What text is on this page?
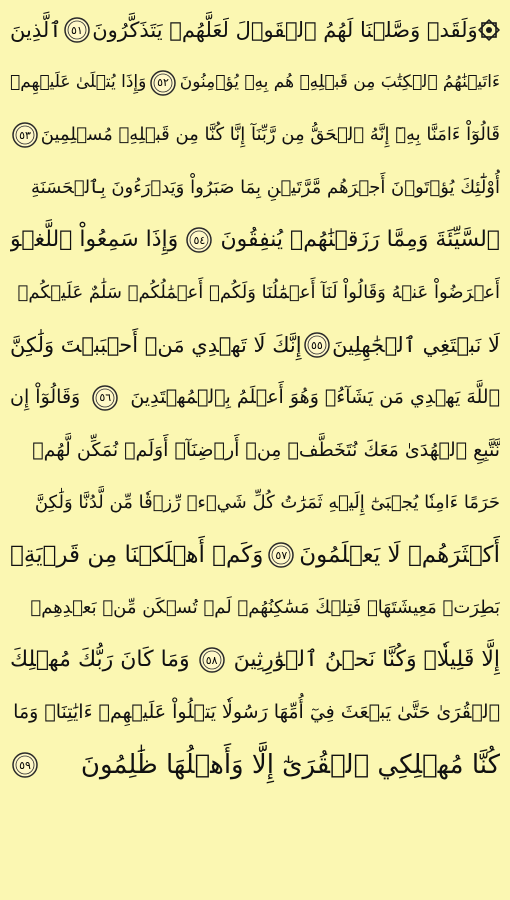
وَلَقَدۡ وَصَّلۡنَا لَهُمُ ٱلۡقَوۡلَ لَعَلَّهُمۡ يَتَذَكَّرُونَ
٥١
ٱلَّذِينَ
ءَاتَيۡنَٰهُمُ ٱلۡكِتَٰبَ مِن قَبۡلِهِۦ هُم بِهِۦ يُؤۡمِنُونَ
٥٢
وَإِذَا يُتۡلَىٰ عَلَيۡهِمۡ
قَالُوٓاْ ءَامَنَّا بِهِۦٓ إِنَّهُ ٱلۡحَقُّ مِن رَّبِّنَآ إِنَّا كُنَّا مِن قَبۡلِهِۦ مُسۡلِمِينَ
٥٣
أُوْلَٰٓئِكَ يُؤۡتَوۡنَ أَجۡرَهُم مَّرَّتَيۡنِ بِمَا صَبَرُواْ وَيَدۡرَءُونَ بِٱلۡحَسَنَةِ
ٱلسَّيِّئَةَ وَمِمَّا رَزَقۡنَٰهُمۡ يُنفِقُونَ
٥٤
وَإِذَا سَمِعُواْ ٱللَّغۡوَ
أَعۡرَضُواْ عَنۡهُ وَقَالُواْ لَنَآ أَعۡمَٰلُنَا وَلَكُمۡ أَعۡمَٰلُكُمۡ سَلَٰمٌ عَلَيۡكُمۡ
لَا نَبۡتَغِي ٱلۡجَٰهِلِينَ
٥٥
إِنَّكَ لَا تَهۡدِي مَنۡ أَحۡبَبۡتَ وَلَٰكِنَّ
ٱللَّهَ يَهۡدِي مَن يَشَآءُۚ وَهُوَ أَعۡلَمُ بِٱلۡمُهۡتَدِينَ
٥٦
وَقَالُوٓاْ إِن
نَّتَّبِعِ ٱلۡهُدَىٰ مَعَكَ نُتَخَطَّفۡ مِنۡ أَرۡضِنَآۚ أَوَلَمۡ نُمَكِّن لَّهُمۡ
حَرَمًا ءَامِنٗا يُجۡبَىٰٓ إِلَيۡهِ ثَمَرَٰتُ كُلِّ شَيۡءٖ رِّزۡقٗا مِّن لَّدُنَّا وَلَٰكِنَّ
أَكۡثَرَهُمۡ لَا يَعۡلَمُونَ
٥٧
وَكَمۡ أَهۡلَكۡنَا مِن قَرۡيَةِۭ
بَطِرَتۡ مَعِيشَتَهَاۖ فَتِلۡكَ مَسَٰكِنُهُمۡ لَمۡ تُسۡكَن مِّنۢ بَعۡدِهِمۡ
إِلَّا قَلِيلٗاۖ وَكُنَّا نَحۡنُ ٱلۡوَٰرِثِينَ
٥٨
وَمَا كَانَ رَبُّكَ مُهۡلِكَ
ٱلۡقُرَىٰ حَتَّىٰ يَبۡعَثَ فِيٓ أُمِّهَا رَسُولٗا يَتۡلُواْ عَلَيۡهِمۡ ءَايَٰتِنَاۚ وَمَا
كُنَّا مُهۡلِكِي ٱلۡقُرَىٰٓ إِلَّا وَأَهۡلُهَا ظَٰلِمُونَ
٥٩
